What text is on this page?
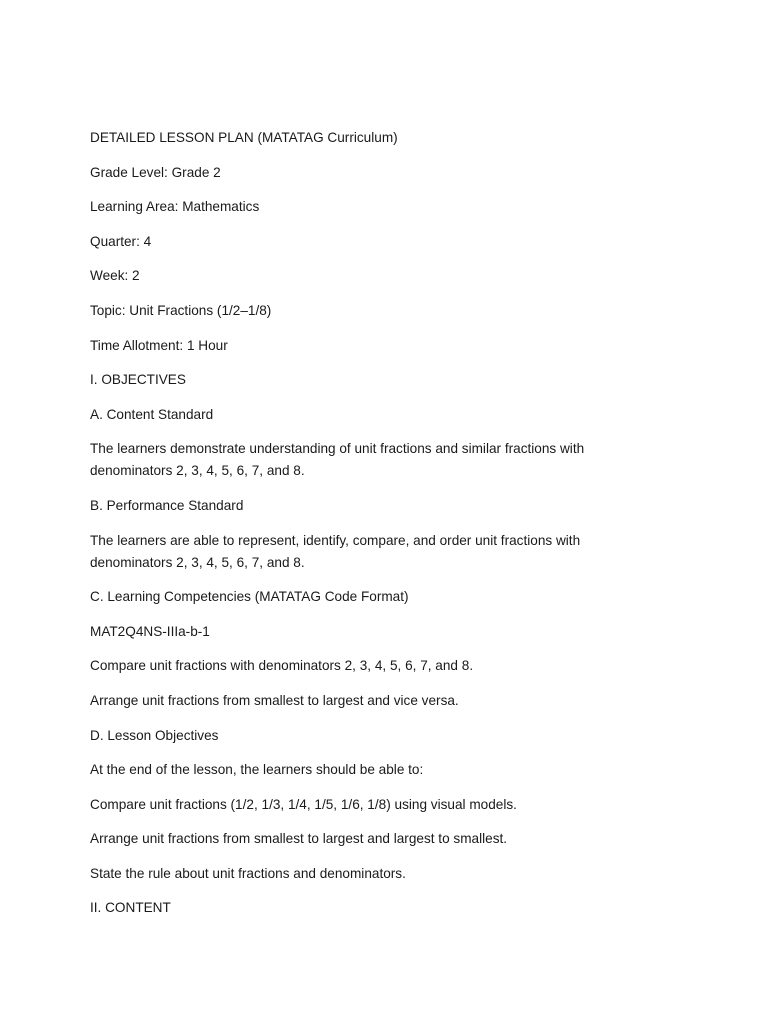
DETAILED LESSON PLAN (MATATAG Curriculum)

Grade Level: Grade 2

Learning Area: Mathematics

Quarter: 4

Week: 2

Topic: Unit Fractions (1/2–1/8)

Time Allotment: 1 Hour

I. OBJECTIVES

A. Content Standard

The learners demonstrate understanding of unit fractions and similar fractions with denominators 2, 3, 4, 5, 6, 7, and 8.

B. Performance Standard

The learners are able to represent, identify, compare, and order unit fractions with denominators 2, 3, 4, 5, 6, 7, and 8.

C. Learning Competencies (MATATAG Code Format)

MAT2Q4NS-IIIa-b-1

Compare unit fractions with denominators 2, 3, 4, 5, 6, 7, and 8.

Arrange unit fractions from smallest to largest and vice versa.

D. Lesson Objectives

At the end of the lesson, the learners should be able to:

Compare unit fractions (1/2, 1/3, 1/4, 1/5, 1/6, 1/8) using visual models.

Arrange unit fractions from smallest to largest and largest to smallest.

State the rule about unit fractions and denominators.

II. CONTENT
